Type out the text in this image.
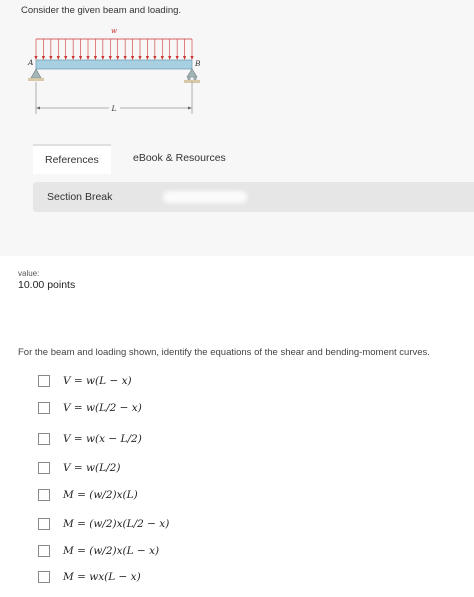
Consider the given beam and loading.
w
A	B
L
References	eBook & Resources
Section Break
value:
10.00 points
For the beam and loading shown, identify the equations of the shear and bending-moment curves.
V = w(L − x)
V = w(L/2 − x)
V = w(x − L/2)
V = w(L/2)
M = (w/2)x(L)
M = (w/2)x(L/2 − x)
M = (w/2)x(L − x)
M = wx(L − x)
